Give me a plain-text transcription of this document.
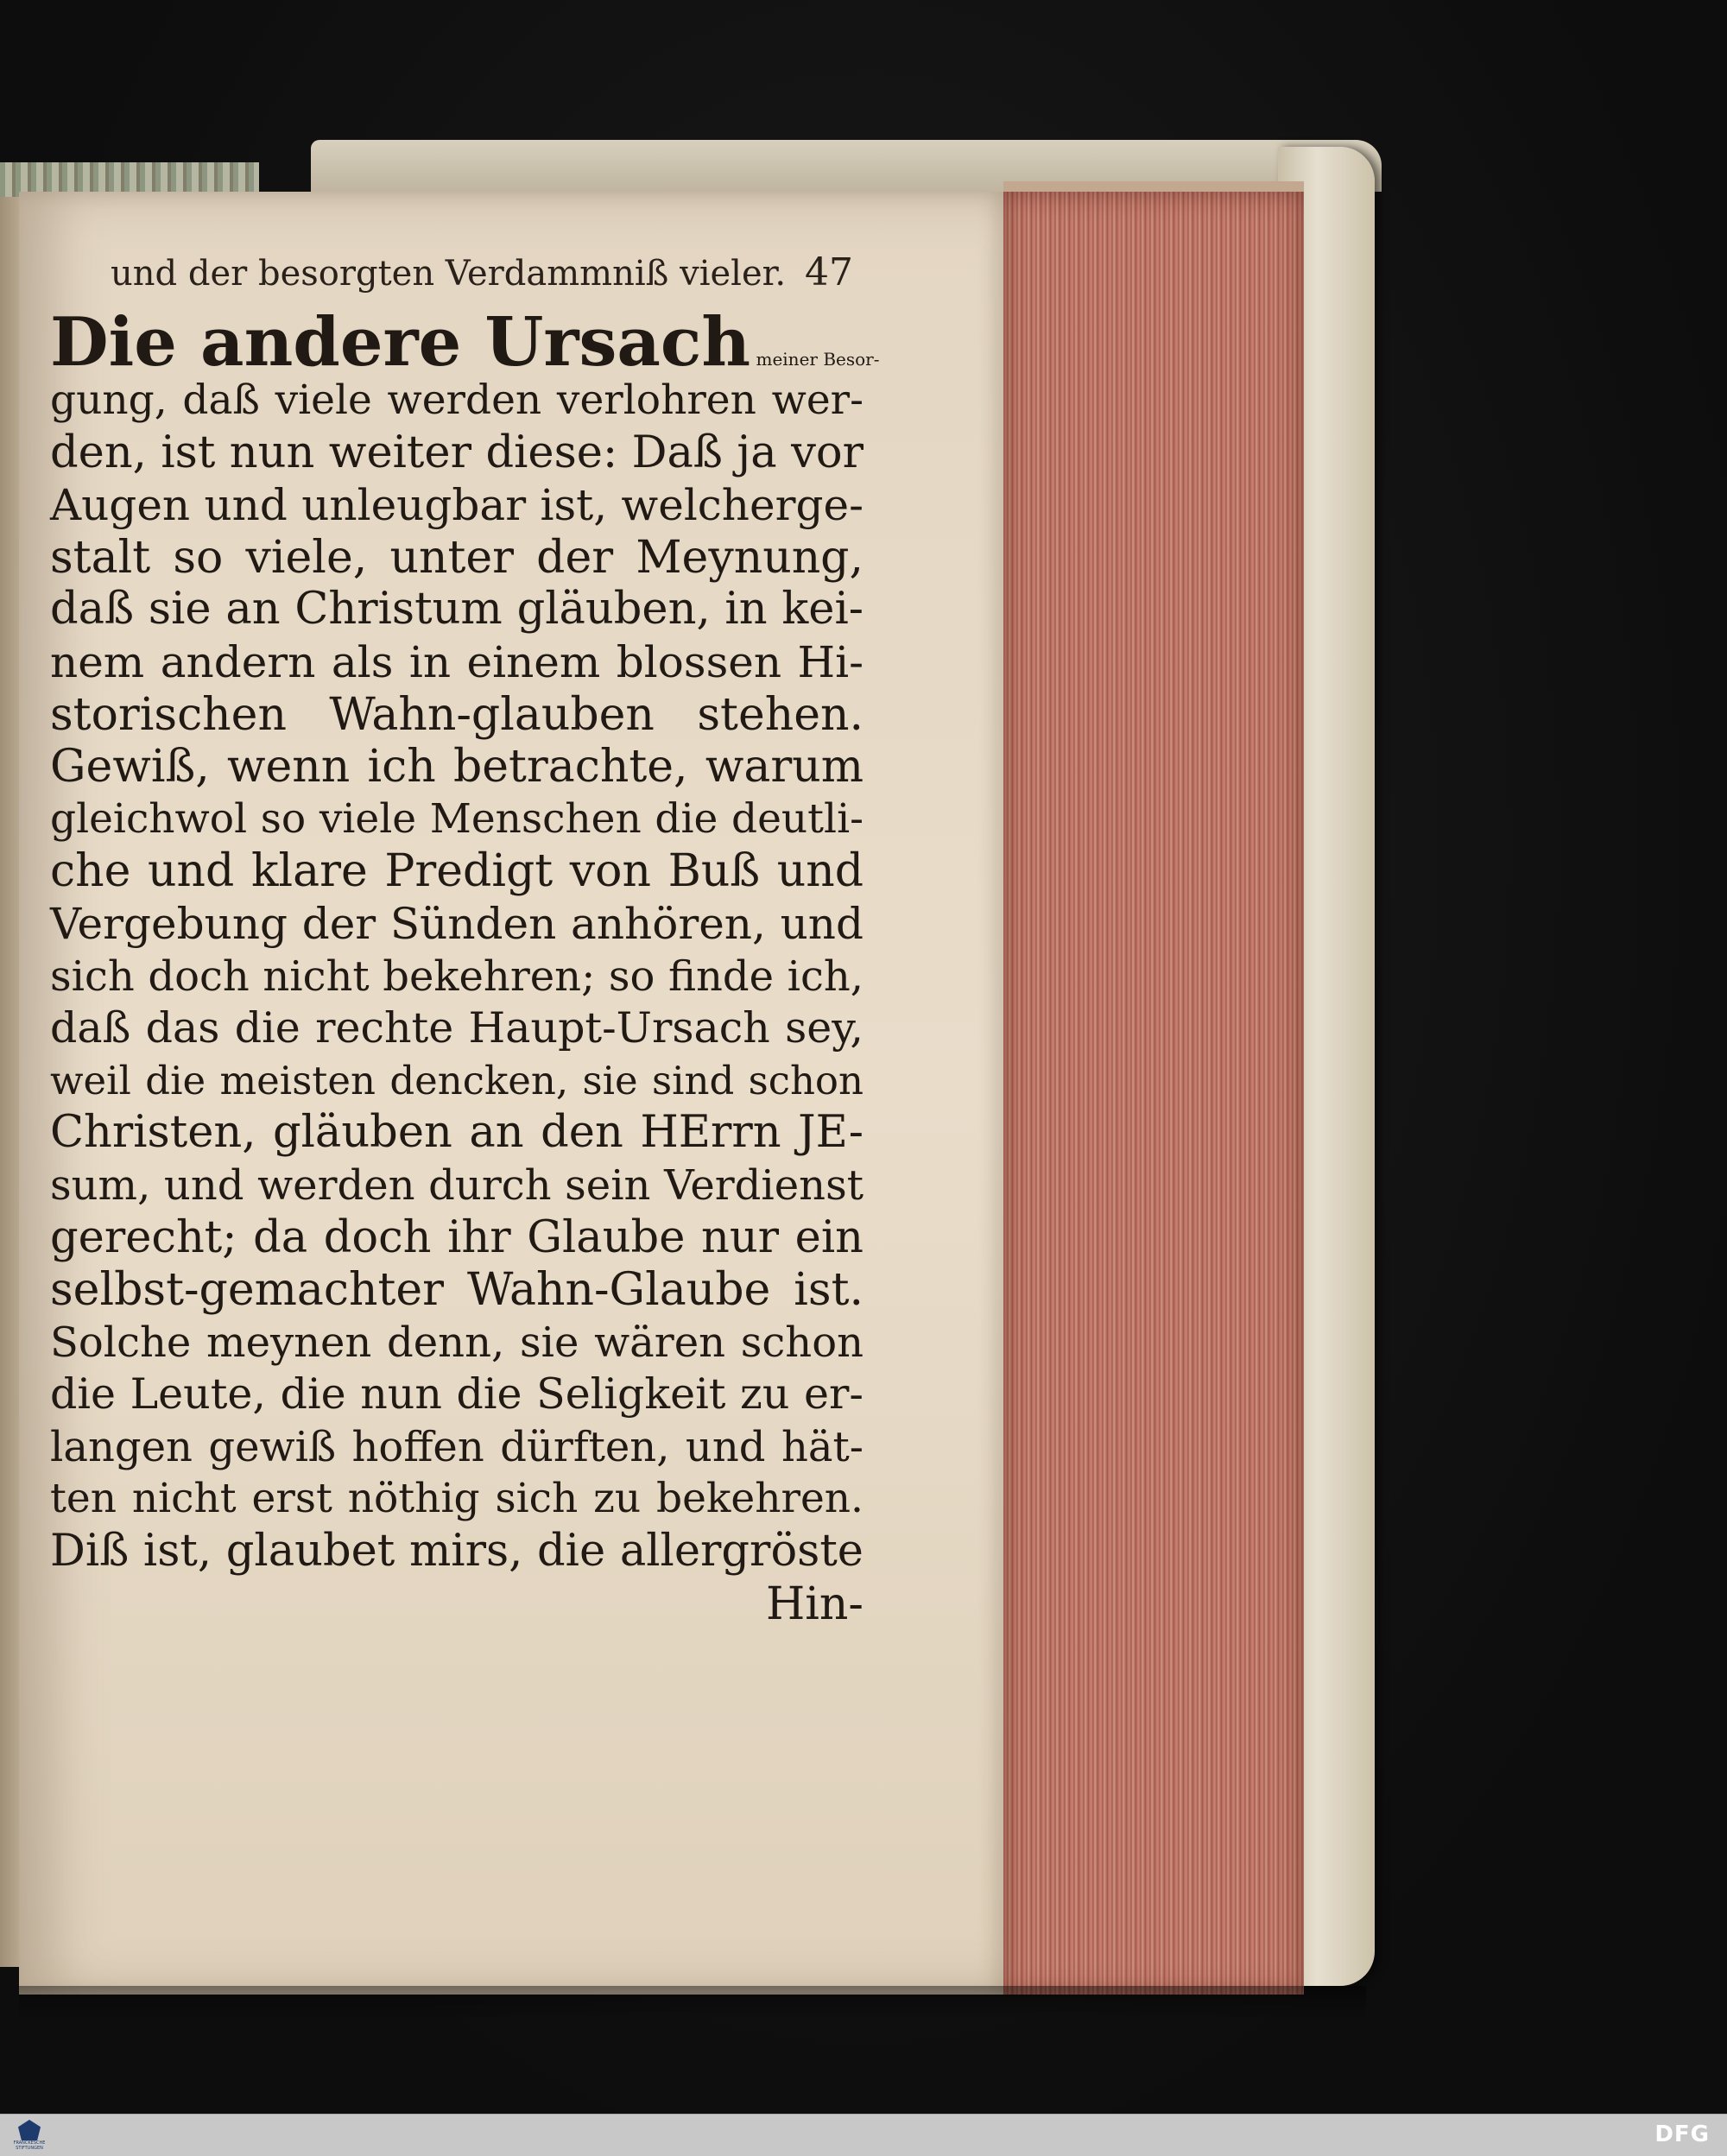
und der besorgten Verdammniß vieler. 47
Die andere Ursach meiner Besor-
gung, daß viele werden verlohren wer-
den, ist nun weiter diese: Daß ja vor
Augen und unleugbar ist, welcherge-
stalt so viele, unter der Meynung,
daß sie an Christum gläuben, in kei-
nem andern als in einem blossen Hi-
storischen Wahn-glauben stehen.
Gewiß, wenn ich betrachte, warum
gleichwol so viele Menschen die deutli-
che und klare Predigt von Buß und
Vergebung der Sünden anhören, und
sich doch nicht bekehren; so finde ich,
daß das die rechte Haupt-Ursach sey,
weil die meisten dencken, sie sind schon
Christen, gläuben an den HErrn JE-
sum, und werden durch sein Verdienst
gerecht; da doch ihr Glaube nur ein
selbst-gemachter Wahn-Glaube ist.
Solche meynen denn, sie wären schon
die Leute, die nun die Seligkeit zu er-
langen gewiß hoffen dürften, und hät-
ten nicht erst nöthig sich zu bekehren.
Diß ist, glaubet mirs, die allergröste
Hin-
FRANCKESCHE STIFTUNGEN
DFG
